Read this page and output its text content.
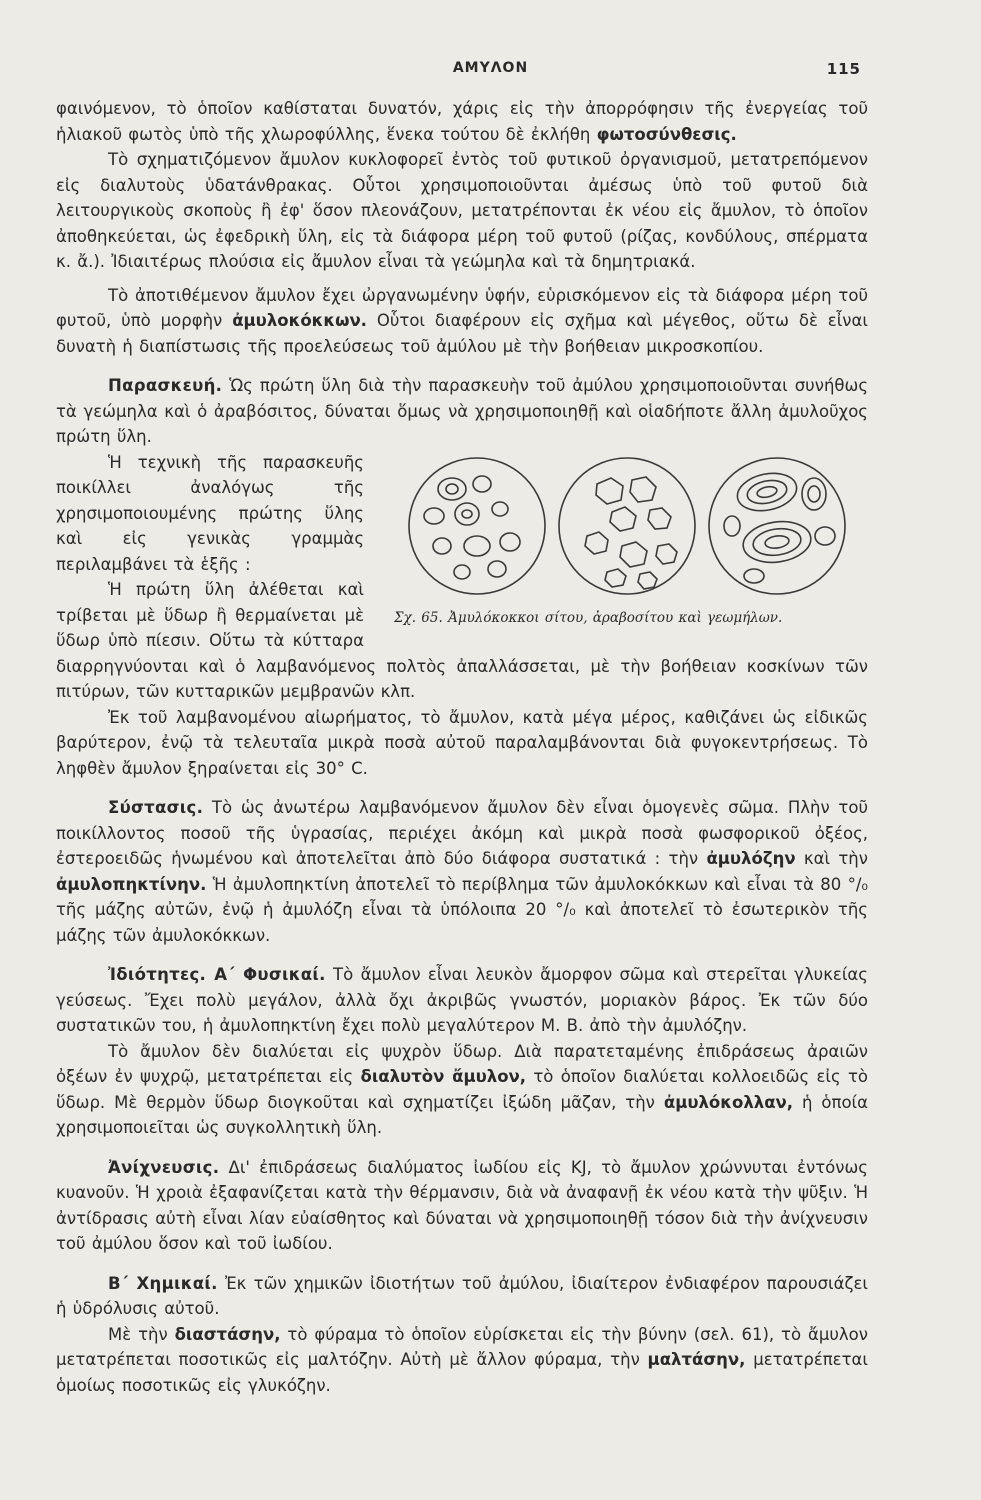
ΑΜΥΛΟΝ	115

φαινόμενον, τὸ ὁποῖον καθίσταται δυνατόν, χάρις εἰς τὴν ἀπορρόφησιν τῆς ἐνεργείας τοῦ ἡλιακοῦ φωτὸς ὑπὸ τῆς χλωροφύλλης, ἕνεκα τούτου δὲ ἐκλήθη φωτοσύνθεσις.

Τὸ σχηματιζόμενον ἄμυλον κυκλοφορεῖ ἐντὸς τοῦ φυτικοῦ ὀργανισμοῦ, μετατρεπόμενον εἰς διαλυτοὺς ὑδατάνθρακας. Οὗτοι χρησιμοποιοῦνται ἀμέσως ὑπὸ τοῦ φυτοῦ διὰ λειτουργικοὺς σκοποὺς ἢ ἐφ' ὅσον πλεονάζουν, μετατρέπονται ἐκ νέου εἰς ἄμυλον, τὸ ὁποῖον ἀποθηκεύεται, ὡς ἐφεδρικὴ ὕλη, εἰς τὰ διάφορα μέρη τοῦ φυτοῦ (ρίζας, κονδύλους, σπέρματα κ. ἄ.). Ἰδιαιτέρως πλούσια εἰς ἄμυλον εἶναι τὰ γεώμηλα καὶ τὰ δημητριακά.

Τὸ ἀποτιθέμενον ἄμυλον ἔχει ὠργανωμένην ὑφήν, εὑρισκόμενον εἰς τὰ διάφορα μέρη τοῦ φυτοῦ, ὑπὸ μορφὴν ἀμυλοκόκκων. Οὗτοι διαφέρουν εἰς σχῆμα καὶ μέγεθος, οὕτω δὲ εἶναι δυνατὴ ἡ διαπίστωσις τῆς προελεύσεως τοῦ ἀμύλου μὲ τὴν βοήθειαν μικροσκοπίου.

Παρασκευή. Ὡς πρώτη ὕλη διὰ τὴν παρασκευὴν τοῦ ἀμύλου χρησιμοποιοῦνται συνήθως τὰ γεώμηλα καὶ ὁ ἀραβόσιτος, δύναται ὅμως νὰ χρησιμοποιηθῇ καὶ οἱαδήποτε ἄλλη ἀμυλοῦχος πρώτη ὕλη.

Σχ. 65. Ἀμυλόκοκκοι σίτου, ἀραβοσίτου καὶ γεωμήλων.

Ἡ τεχνικὴ τῆς παρασκευῆς ποικίλλει ἀναλόγως τῆς χρησιμοποιουμένης πρώτης ὕλης καὶ εἰς γενικὰς γραμμὰς περιλαμβάνει τὰ ἑξῆς :

Ἡ πρώτη ὕλη ἀλέθεται καὶ τρίβεται μὲ ὕδωρ ἢ θερμαίνεται μὲ ὕδωρ ὑπὸ πίεσιν. Οὕτω τὰ κύτταρα διαρρηγνύονται καὶ ὁ λαμβανόμενος πολτὸς ἀπαλλάσσεται, μὲ τὴν βοήθειαν κοσκίνων τῶν πιτύρων, τῶν κυτταρικῶν μεμβρανῶν κλπ.

Ἐκ τοῦ λαμβανομένου αἰωρήματος, τὸ ἄμυλον, κατὰ μέγα μέρος, καθιζάνει ὡς εἰδικῶς βαρύτερον, ἐνῷ τὰ τελευταῖα μικρὰ ποσὰ αὐτοῦ παραλαμβάνονται διὰ φυγοκεντρήσεως. Τὸ ληφθὲν ἄμυλον ξηραίνεται εἰς 30° C.

Σύστασις. Τὸ ὡς ἀνωτέρω λαμβανόμενον ἄμυλον δὲν εἶναι ὁμογενὲς σῶμα. Πλὴν τοῦ ποικίλλοντος ποσοῦ τῆς ὑγρασίας, περιέχει ἀκόμη καὶ μικρὰ ποσὰ φωσφορικοῦ ὀξέος, ἐστεροειδῶς ἡνωμένου καὶ ἀποτελεῖται ἀπὸ δύο διάφορα συστατικά : τὴν ἀμυλόζην καὶ τὴν ἀμυλοπηκτίνην. Ἡ ἀμυλοπηκτίνη ἀποτελεῖ τὸ περίβλημα τῶν ἀμυλοκόκκων καὶ εἶναι τὰ 80 °/₀ τῆς μάζης αὐτῶν, ἐνῷ ἡ ἀμυλόζη εἶναι τὰ ὑπόλοιπα 20 °/₀ καὶ ἀποτελεῖ τὸ ἐσωτερικὸν τῆς μάζης τῶν ἀμυλοκόκκων.

Ἰδιότητες. Α΄ Φυσικαί. Τὸ ἄμυλον εἶναι λευκὸν ἄμορφον σῶμα καὶ στερεῖται γλυκείας γεύσεως. Ἔχει πολὺ μεγάλον, ἀλλὰ ὄχι ἀκριβῶς γνωστόν, μοριακὸν βάρος. Ἐκ τῶν δύο συστατικῶν του, ἡ ἀμυλοπηκτίνη ἔχει πολὺ μεγαλύτερον Μ. Β. ἀπὸ τὴν ἀμυλόζην.

Τὸ ἄμυλον δὲν διαλύεται εἰς ψυχρὸν ὕδωρ. Διὰ παρατεταμένης ἐπιδράσεως ἀραιῶν ὀξέων ἐν ψυχρῷ, μετατρέπεται εἰς διαλυτὸν ἄμυλον, τὸ ὁποῖον διαλύεται κολλοειδῶς εἰς τὸ ὕδωρ. Μὲ θερμὸν ὕδωρ διογκοῦται καὶ σχηματίζει ἰξώδη μᾶζαν, τὴν ἀμυλόκολλαν, ἡ ὁποία χρησιμοποιεῖται ὡς συγκολλητικὴ ὕλη.

Ἀνίχνευσις. Δι' ἐπιδράσεως διαλύματος ἰωδίου εἰς KJ, τὸ ἄμυλον χρώννυται ἐντόνως κυανοῦν. Ἡ χροιὰ ἐξαφανίζεται κατὰ τὴν θέρμανσιν, διὰ νὰ ἀναφανῇ ἐκ νέου κατὰ τὴν ψῦξιν. Ἡ ἀντίδρασις αὐτὴ εἶναι λίαν εὐαίσθητος καὶ δύναται νὰ χρησιμοποιηθῇ τόσον διὰ τὴν ἀνίχνευσιν τοῦ ἀμύλου ὅσον καὶ τοῦ ἰωδίου.

Β΄ Χημικαί. Ἐκ τῶν χημικῶν ἰδιοτήτων τοῦ ἀμύλου, ἰδιαίτερον ἐνδιαφέρον παρουσιάζει ἡ ὑδρόλυσις αὐτοῦ.

Μὲ τὴν διαστάσην, τὸ φύραμα τὸ ὁποῖον εὑρίσκεται εἰς τὴν βύνην (σελ. 61), τὸ ἄμυλον μετατρέπεται ποσοτικῶς εἰς μαλτόζην. Αὐτὴ μὲ ἄλλον φύραμα, τὴν μαλτάσην, μετατρέπεται ὁμοίως ποσοτικῶς εἰς γλυκόζην.
